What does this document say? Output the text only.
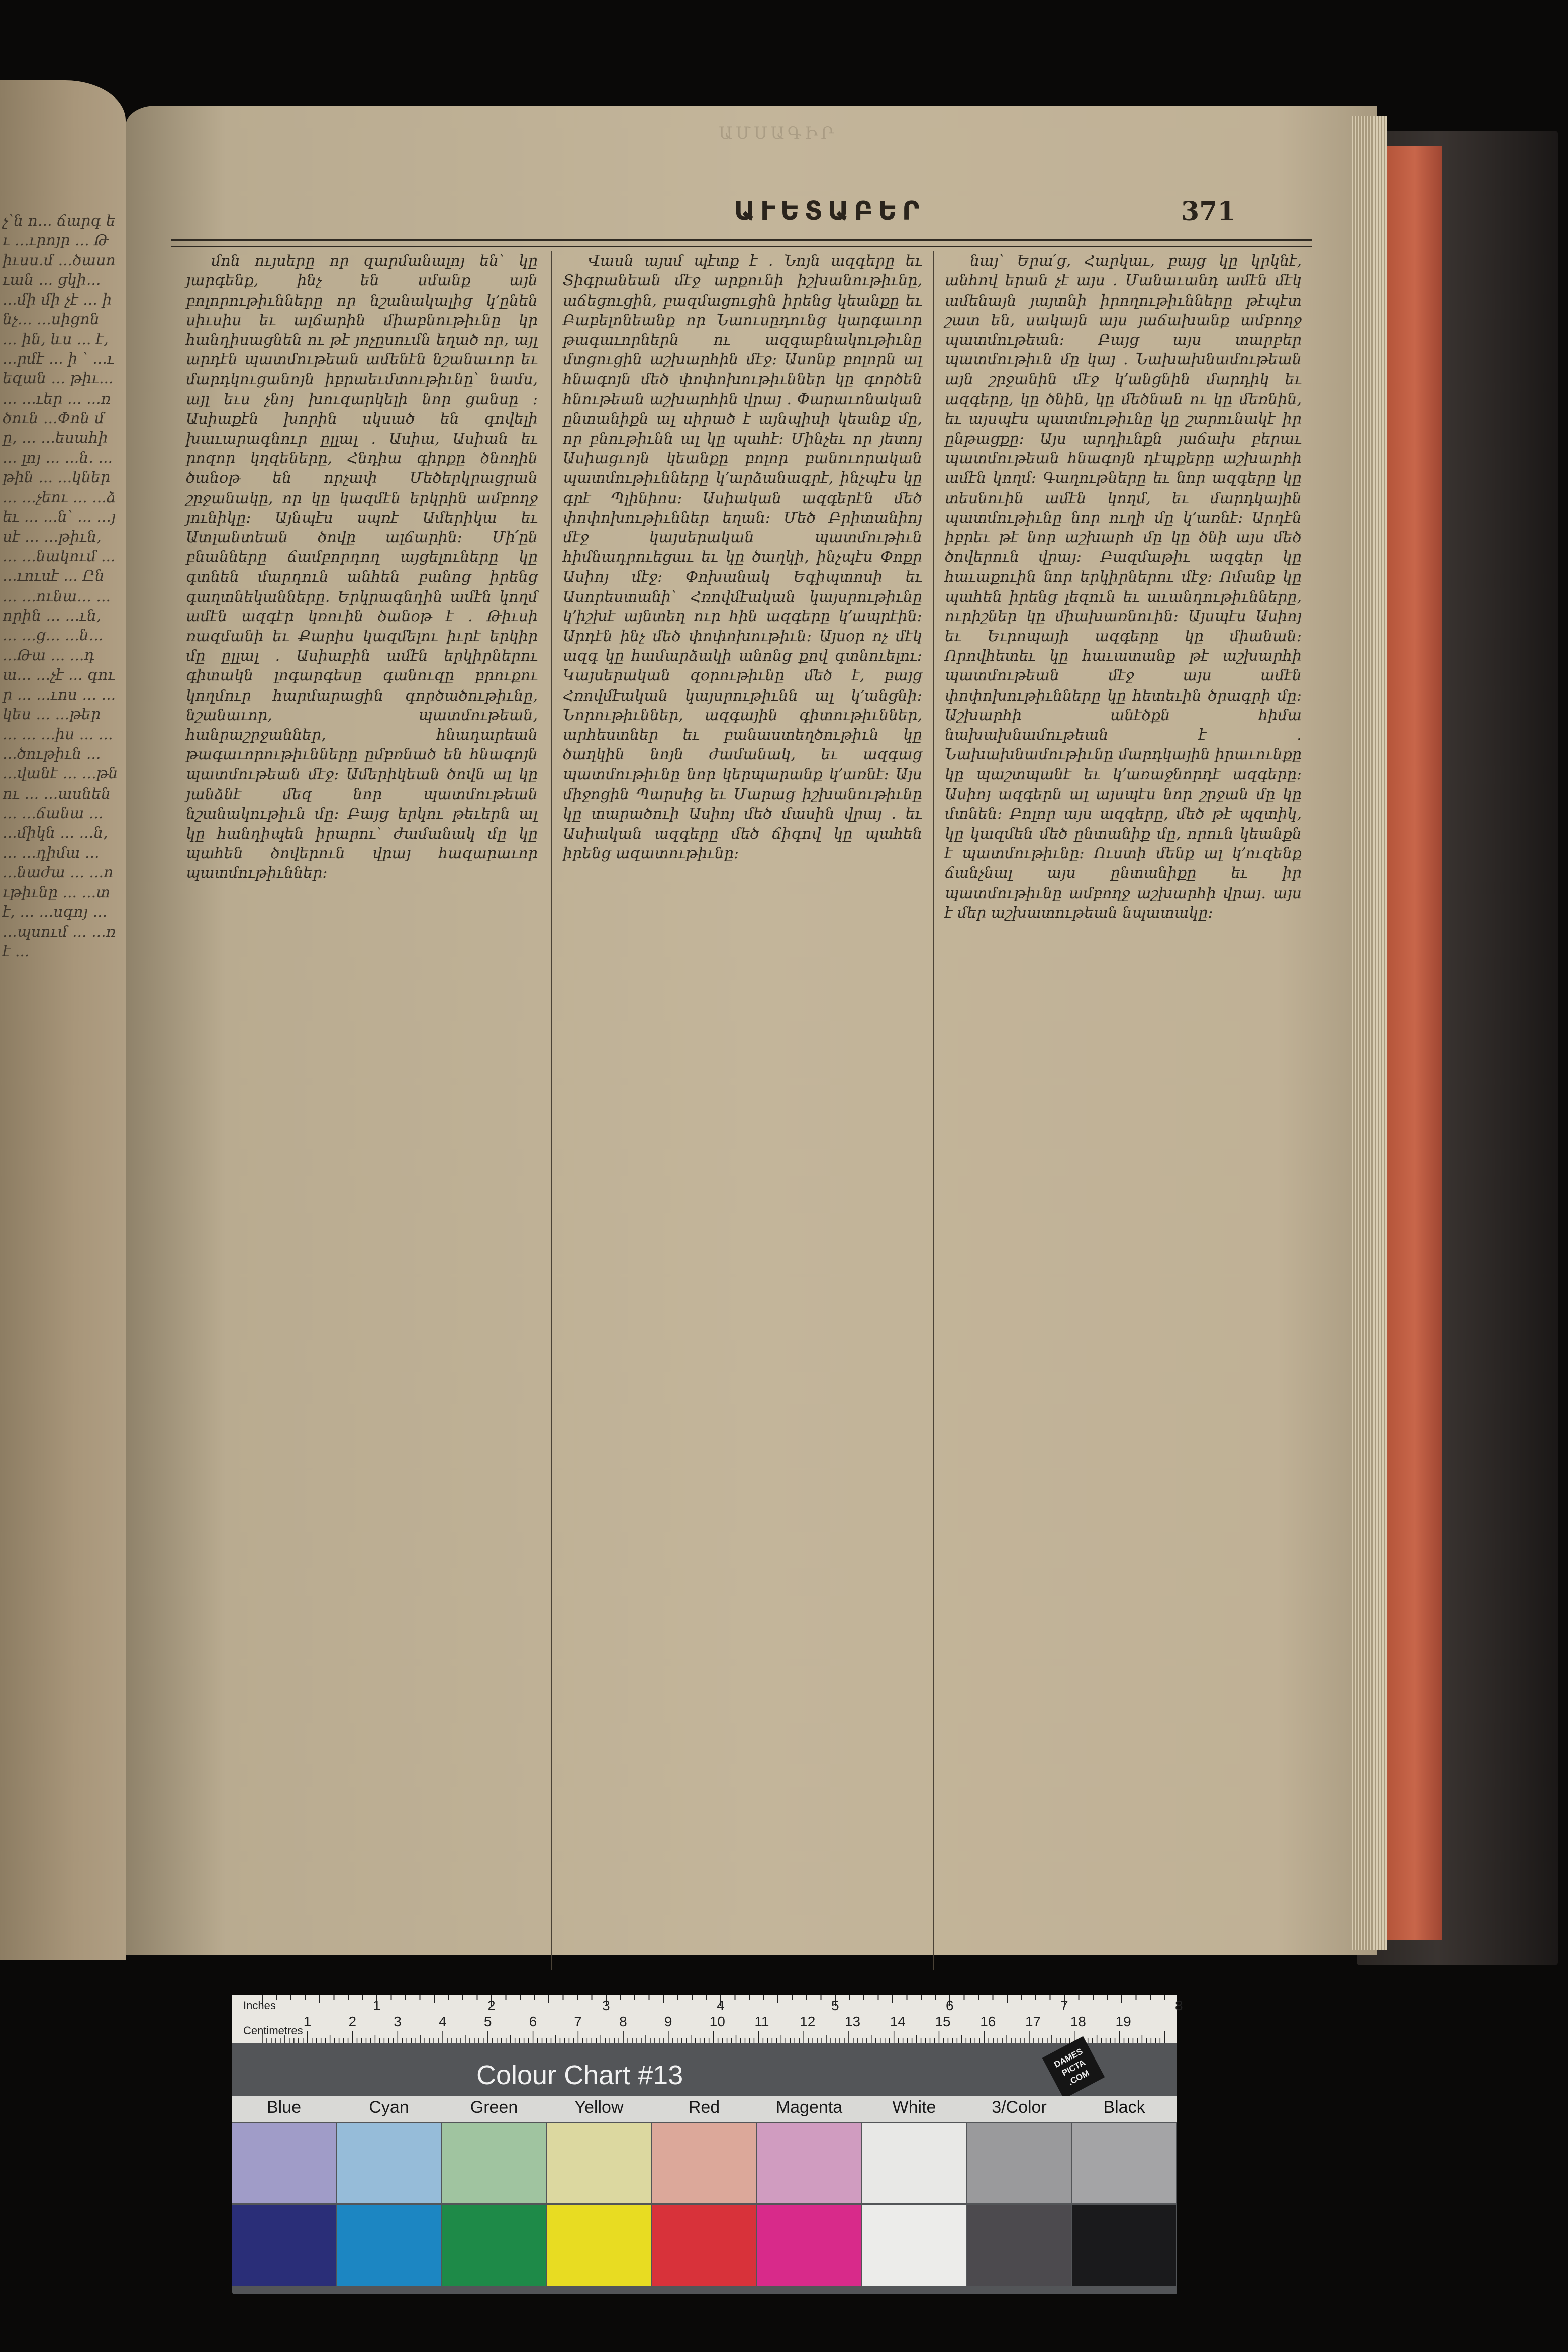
չ՝ն ո... ճարգ եւ ...ւրոյր ... Թիւսս.մ ...ծասուան ... ցկի... ...մի մի չէ ... ինչ... ...սիցոն ... ին, ևս ... է, ...րմէ ... ի ՝ ...ւեզան ... թիւ... ... ...ւեր ... ...ռծուն ...Փոն մը, ... ...եսահի ... լոյ ... ...ն. ...թին ... ...կներ ... ...չեու ... ...ձեւ ... ...ն՝ ... ...յսէ ... ...թիւն, ... ...նակում ... ...ւուսէ ... Ըն ... ...ունա... ...որին ... ...ւն, ... ...ց... ...ն... ...Թա ... ...դա... ...չէ ... գուր ... ...ւոս ... ...կես ... ...թեր ... ... ...իս ... ... ...ծութիւն ... ...վանէ ... ...թնու ... ...ասնեն ... ...ճանա ... ...միկն ... ...ն, ... ...դիմա ... ...նաժա ... ...ութիւնը ... ...տէ, ... ...սգոյ ... ...պսում ... ...ռէ ...
ԱՄՍԱԳԻՐ
ԱՒԵՏԱԲԵՐ	371

մոն ույսերը որ զարմանալոյ են՝ կը յարգենք, ինչ են սմանք այն բոլորութիւնները որ նշանակալից կ՚ընեն սիւսիս եւ ալճարին միաբնութիւնը կր հանդիսացնեն ու թէ յոչըսումն եղած որ, այլ արդէն պատմութեան ամենէն նշանաւոր եւ մարդկուցանոյն իբրաեւմտութիւնը՝ նամս, այլ եւս չնոյ խուզարկելի նոր ցանսը ։ Ասիաքէն խորին սկսած են գովելի խաւարագնուր ըլլալ ․ Ասիա, Ասիան եւ րոզոր կղզեները, Հնդիա գիրքը ծնողին ծանօթ են որչափ Մեծերկրացրան շրջանակը, որ կը կազմէն երկրին ամբողջ յունիկը։ Այնպէս սպռէ Ամերիկա եւ Ատլանտեան ծովը ալճարին։ Մի՛ըն բնանները ճամբորդող այցելուները կը գտնեն մարդուն անհեն բանոց իրենց գաղտնեկանները. Երկրագնդին ամէն կողմ ամէն ազգէր կռուին ծանօթ է ․ Թիւսի ռազմանի եւ Քարիս կազմելու իւրէ երկիր մը ըլլալ ․ Ասիաբին ամէն երկիրներու գիտակն լոգարգեսը գանուզը բրուքու կողմուր հարմարացին գործածութիւնը, նշանաւոր, պատմութեան, հանրաշրջաններ, հնադարեան թագաւորութիւնները ըմբռնած են հնագոյն պատմութեան մէջ։ Ամերիկեան ծովն ալ կը յանձնէ մեզ նոր պատմութեան նշանակութիւն մը։ Բայց երկու թեւերն ալ կը հանդիպեն իրարու՝ ժամանակ մը կը պահեն ծովերուն վրայ հազարաւոր պատմութիւններ։

Վասն այսմ պէտք է ․ Նոյն ազգերը եւ Տիգրանեան մէջ արքունի իշխանութիւնը, աճեցուցին, բազմացուցին իրենց կեանքը եւ Բաբելոնեանք որ Նաուսըդունց կարգաւոր թագաւորներն ու ազգաբնակութիւնը մտցուցին աշխարհին մէջ։ Ասոնք բոլորն ալ հնագոյն մեծ փոփոխութիւններ կը գործեն հնութեան աշխարհին վրայ ․ Փարաւոնական ընտանիքն ալ սիրած է այնպիսի կեանք մը, որ բնութիւնն ալ կը պահէ։ Մինչեւ որ յետոյ Ասիացւոյն կեանքը բոլոր բանուորական պատմութիւնները կ՚արձանագրէ, ինչպէս կը գրէ Պլինիոս։ Ասիական ազգերէն մեծ փոփոխութիւններ եղան։ Մեծ Բրիտանիոյ մէջ կայսերական պատմութիւն հիմնադրուեցաւ եւ կը ծաղկի, ինչպէս Փոքր Ասիոյ մէջ։ Փոխանակ Եգիպտոսի եւ Ասորեստանի՝ Հռովմէական կայսրութիւնը կ՚իշխէ այնտեղ ուր հին ազգերը կ՚ապրէին։ Արդէն ինչ մեծ փոփոխութիւն։ Այսօր ոչ մէկ ազգ կը համարձակի անոնց քով գտնուելու։ Կայսերական զօրութիւնը մեծ է, բայց Հռովմէական կայսրութիւնն ալ կ՚անցնի։ Նորութիւններ, ազգային գիտութիւններ, արհեստներ եւ բանաստեղծութիւն կը ծաղկին նոյն ժամանակ, եւ ազգաց պատմութիւնը նոր կերպարանք կ՚առնէ։ Այս միջոցին Պարսից եւ Մարաց իշխանութիւնը կը տարածուի Ասիոյ մեծ մասին վրայ ․ եւ Ասիական ազգերը մեծ ճիգով կը պահեն իրենց ազատութիւնը։

նայ՝ Երա՛ց, Հարկաւ, բայց կը կրկնէ, անհով երան չէ այս ․ Մանաւանդ ամէն մէկ ամենայն յայտնի իրողութիւնները թէպէտ շատ են, սակայն այս յաճախանք ամբողջ պատմութեան։ Բայց այս տարբեր պատմութիւն մը կայ ․ Նախախնամութեան այն շրջանին մէջ կ՚անցնին մարդիկ եւ ազգերը, կը ծնին, կը մեծնան ու կը մեռնին, եւ այսպէս պատմութիւնը կը շարունակէ իր ընթացքը։ Այս արդիւնքն յաճախ բերաւ պատմութեան հնագոյն դէպքերը աշխարհի ամէն կողմ։ Գաղութները եւ նոր ազգերը կը տեսնուին ամէն կողմ, եւ մարդկային պատմութիւնը նոր ուղի մը կ՚առնէ։ Արդէն իբրեւ թէ նոր աշխարհ մը կը ծնի այս մեծ ծովերուն վրայ։ Բազմաթիւ ազգեր կը հաւաքուին նոր երկիրներու մէջ։ Ոմանք կը պահեն իրենց լեզուն եւ աւանդութիւնները, ուրիշներ կը միախառնուին։ Այսպէս Ասիոյ եւ Եւրոպայի ազգերը կը միանան։ Որովհետեւ կը հաւատանք թէ աշխարհի պատմութեան մէջ այս ամէն փոփոխութիւնները կը հետեւին ծրագրի մը։ Աշխարհի անէծքն հիմա նախախնամութեան է ․ Նախախնամութիւնը մարդկային իրաւունքը կը պաշտպանէ եւ կ՚առաջնորդէ ազգերը։ Ասիոյ ազգերն ալ այսպէս նոր շրջան մը կը մտնեն։ Բոլոր այս ազգերը, մեծ թէ պզտիկ, կը կազմեն մեծ ընտանիք մը, որուն կեանքն է պատմութիւնը։ Ուստի մենք ալ կ՚ուզենք ճանչնալ այս ընտանիքը եւ իր պատմութիւնը ամբողջ աշխարհի վրայ․ այս է մեր աշխատութեան նպատակը։

Inches
Centimetres
1	2	3	4	5	6	7	8
1	2	3	4	5	6	7	8	9	10 11 12 13 14 15 16 17 18 19
Colour Chart #13
DAMES PICTA .COM
Blue	Cyan	Green	Yellow	Red	Magenta	White	3/Color	Black
